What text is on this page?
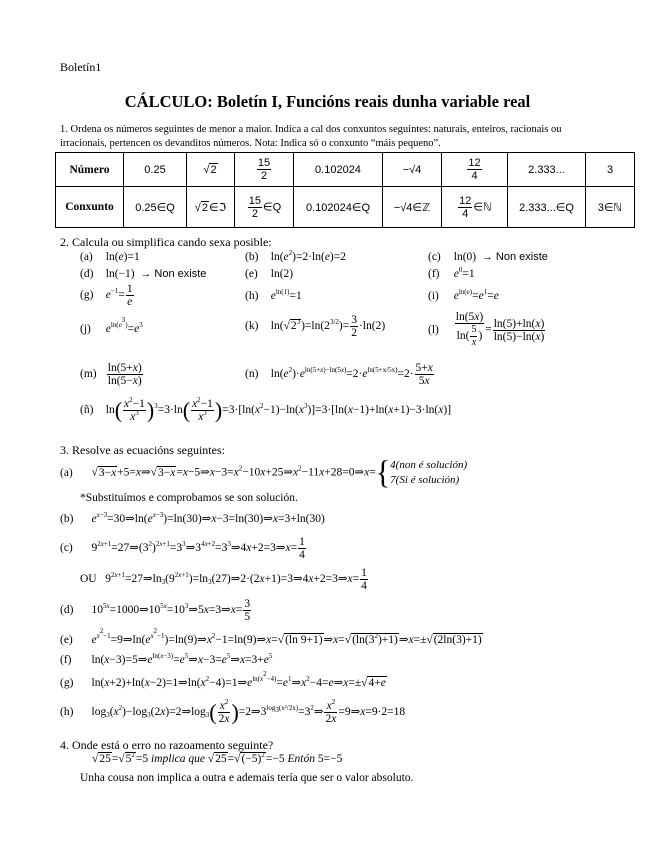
Boletín1
CÁLCULO: Boletín I, Funcións reais dunha variable real
1. Ordena os números seguintes de menor a maior. Indica a cal dos conxuntos seguintes: naturais, enteiros, racionais ou irracionais, pertencen os devanditos números. Nota: Indica só o conxunto “máis pequeno”.
Número	0.25	√2	$\frac{15}{2}$	0.102024	−√4	$\frac{12}{4}$	2.333...	3
Conxunto	0.25∈Q	√2∈ℑ	$\frac{15}{2}$ ∈Q	0.102024∈Q	−√4∈ℤ	$\frac{12}{4}$ ∈ℕ	2.333...∈Q	3∈ℕ
2. Calcula ou simplifica cando sexa posible:
(a)  ln(e)=1	(b)  $\ln(e^2)=2\cdot\ln(e)=2$	(c)  ln(0)  → Non existe
(d)  ln(−1)  → Non existe	(e)  ln(2)	(f) $e^0=1$
(g) $e^{-1}= \frac{1}{e}$	(h) $e^{ln(1)}=1$	(i) $e^{ln(e)}=e^1=e$
(j) $e^{ln(e^3)}=e^3$	(k)  $\ln(√2^3)=\ln(2^{3/2})= \frac{3}{2} \cdot\ln(2)$	$(l) \frac{\ln(5x)}{\ln( \frac{5}{x} )} = \frac{\ln(5)+\ln(x)}{\ln(5)-\ln(x)}$
$(m) \frac{\ln(5+x)}{\ln(5-x)}$	(n)  $\ln(e^2)\cdot e^{ln(5+x)-ln(5x)}=2\cdot e^{ln(5+x/5x)}=2\cdot \frac{5+x}{5x}$
(ñ)  $\ln( \frac{x^2-1}{x^3} )^3=3\cdot\ln( \frac{x^2-1}{x^3} )=3\cdot[\ln(x^2-1)-\ln(x^3)]=3\cdot[\ln(x-1)+\ln(x+1)-3\cdot\ln(x)]$
3. Resolve as ecuacións seguintes:
(a)    $√3-x+5=x\Rightarrow√3-x=x-5\Rightarrow x-3=x^2-10x+25\Rightarrow x^2-11x+28=0\Rightarrow x=\{4(non$ é solución)
7(Si é solución)
*Substituímos e comprobamos se son solución.
(b) $e^{x-3}=30\Rightarrow\ln(e^{x-3})=\ln(30)\Rightarrow x-3=\ln(30)\Rightarrow x=3+\ln(30)$
(c)    $9^{2x+1}=27\Rightarrow(3^2)^{2x+1}=3^3\Rightarrow 3^{4x+2}=3^3\Rightarrow 4x+2=3\Rightarrow x= \frac{1}{4}$
OU   $9^{2x+1}=27\Rightarrow\ln_3(9^{2x+1})=\ln_3(27)\Rightarrow 2\cdot(2x+1)=3\Rightarrow 4x+2=3\Rightarrow x= \frac{1}{4}$
(d)    $10^{5x}=1000\Rightarrow 10^{5x}=10^3\Rightarrow 5x=3\Rightarrow x= \frac{3}{5}$
(e) $e^{x^2-1}=9\Rightarrow\ln(e^{x^2-1})=\ln(9)\Rightarrow x^2-1=\ln(9)\Rightarrow x=√(\ln$ $9+1)\Rightarrow x=√(\ln(3^2)+1)\Rightarrow x=\pm√(2\ln(3)+1)$
(f)    $\ln(x-3)=5\Rightarrow e^{ln(x-3)}=e^5\Rightarrow x-3=e^5\Rightarrow x=3+e^5$
(g)    $\ln(x+2)+\ln(x-2)=1\Rightarrow\ln(x^2-4)=1\Rightarrow e^{ln(x^2-4)}=e^1\Rightarrow x^2-4=e\Rightarrow x=\pm√4+e$
(h)    $\log_3(x^2)-\log_3(2x)=2\Rightarrow\log_3( \frac{x^2}{2x}$ )$=2\Rightarrow 3^{log_3(x^2/2x)}=3^2\Rightarrow \frac{x^2}{2x}$ =9⇒x=9·2=18
4. Onde está o erro no razoamento seguinte?
$√25=√5^2=5$ implica que $√25=√(-5)^2=-5$ Entón 5=−5
Unha cousa non implica a outra e ademais tería que ser o valor absoluto.
